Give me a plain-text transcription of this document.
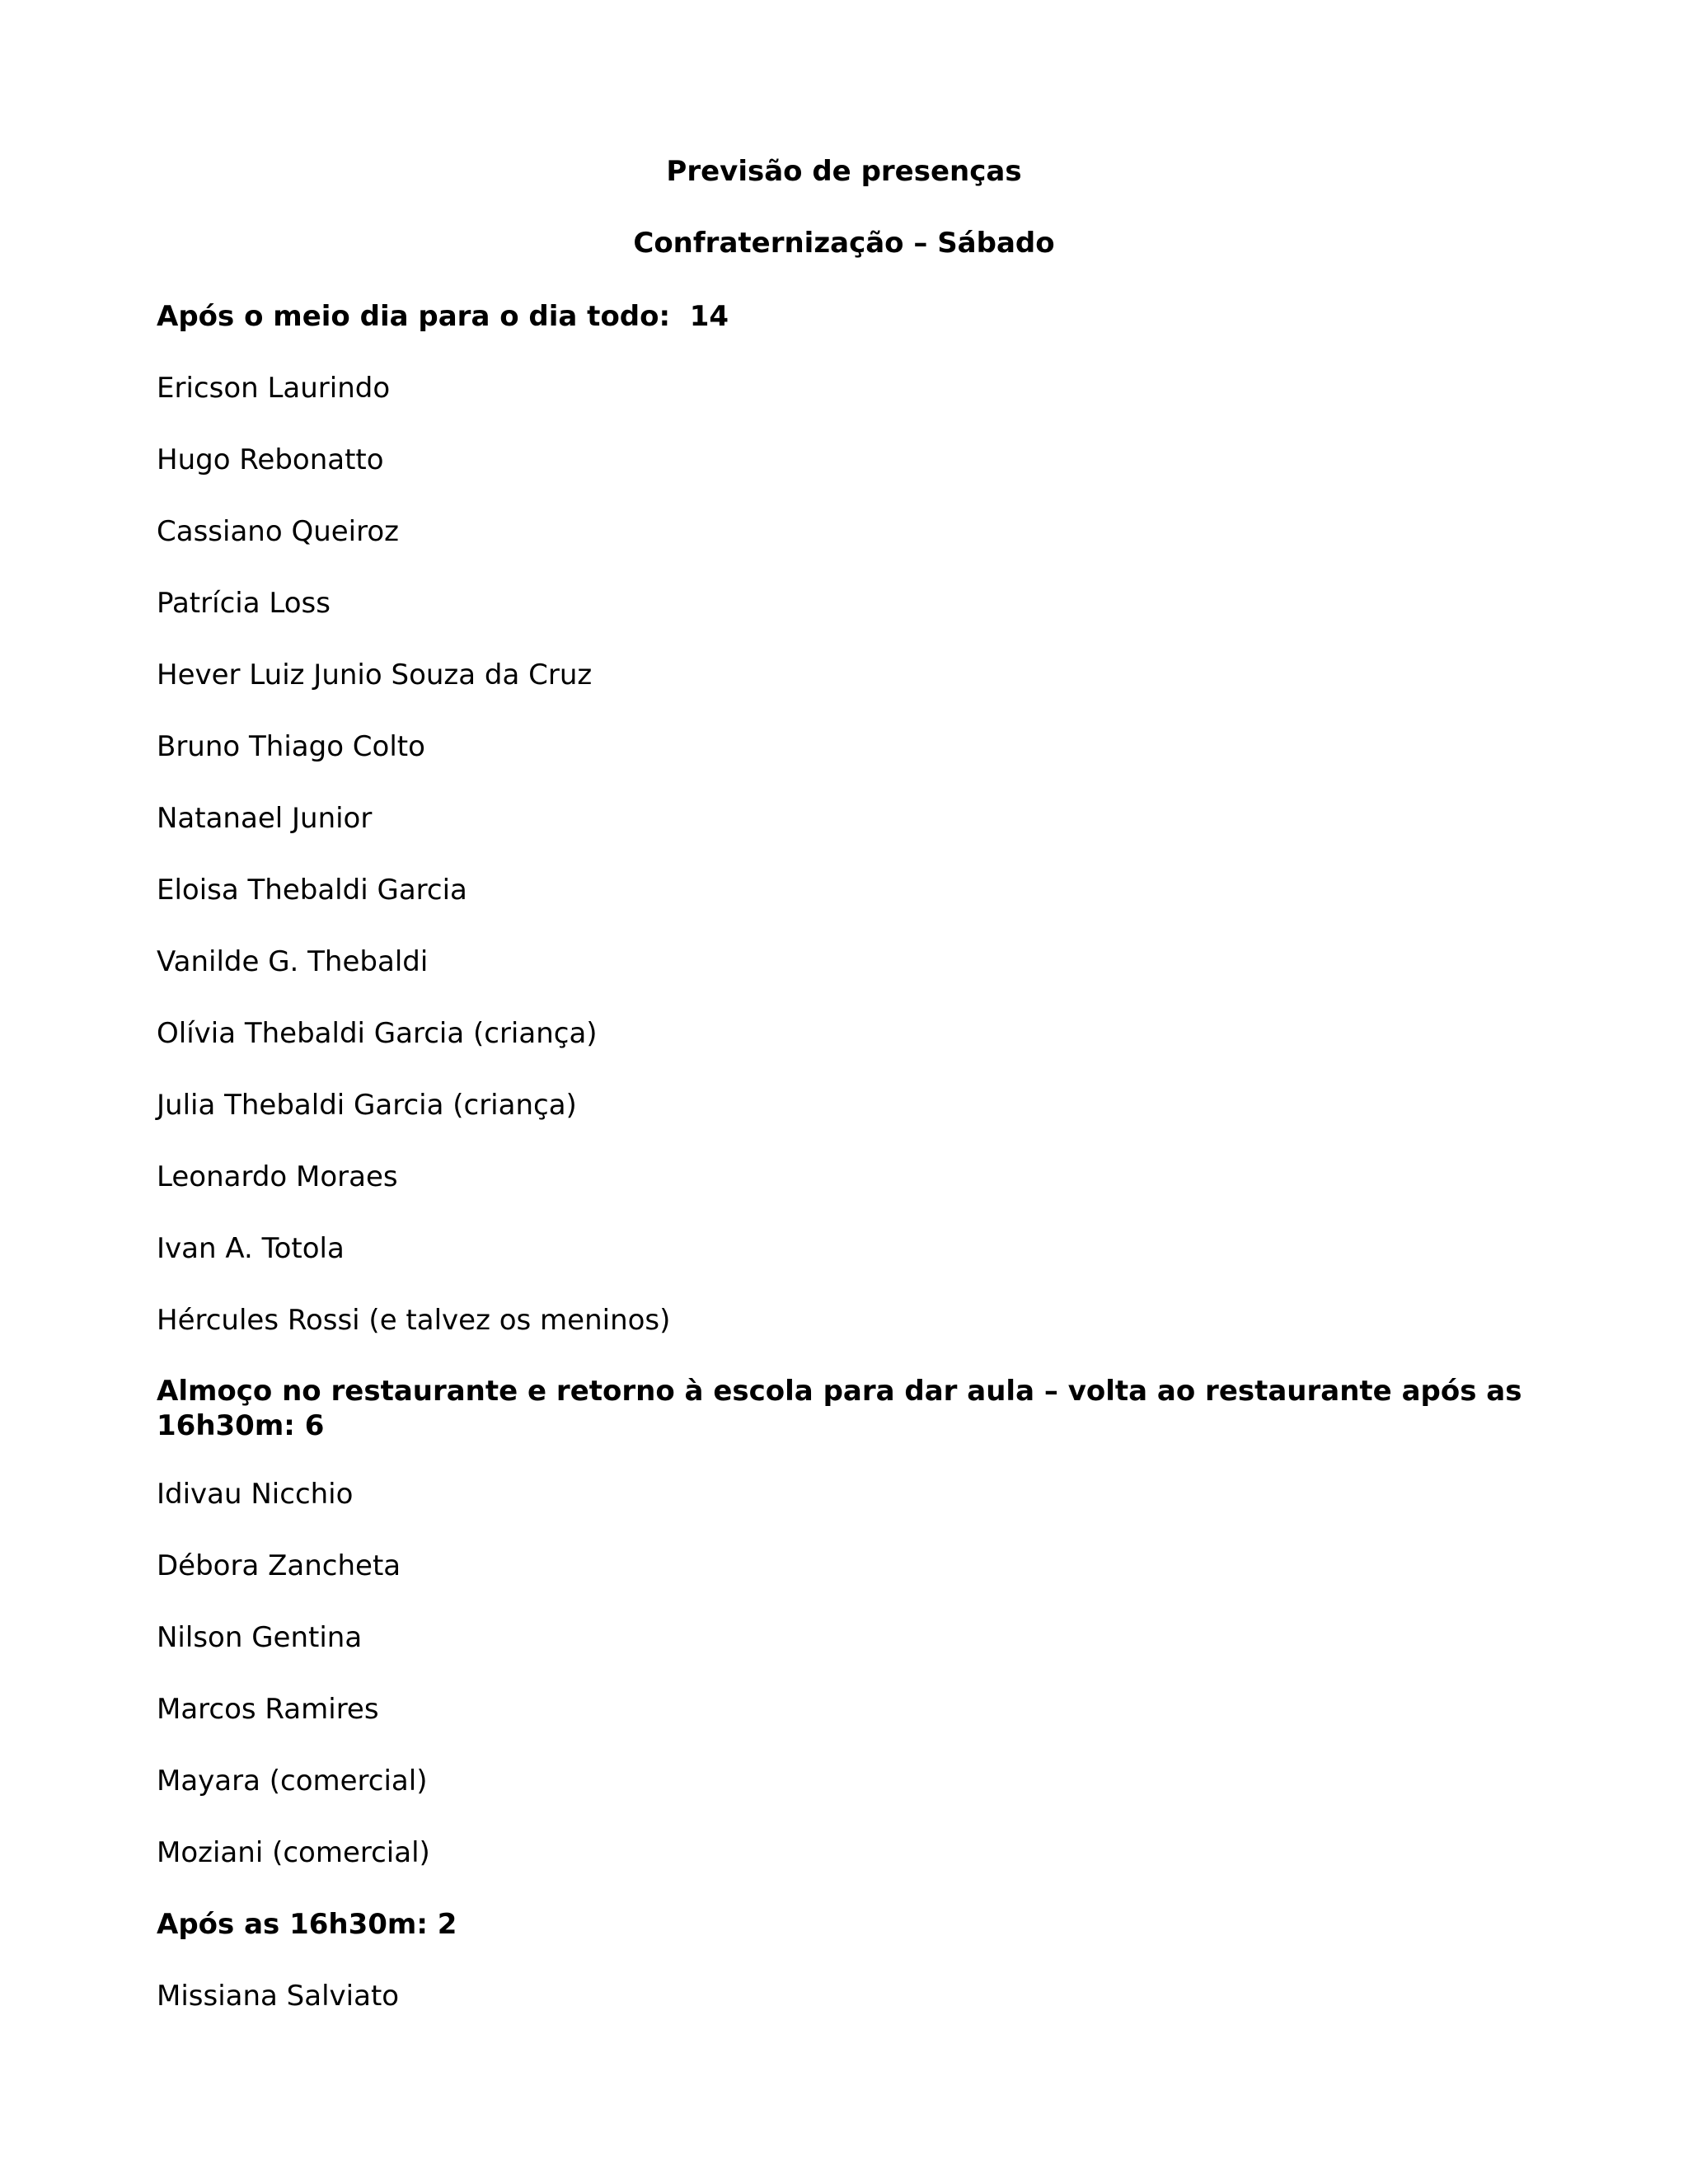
Previsão de presenças
Confraternização – Sábado

Após o meio dia para o dia todo:  14

Ericson Laurindo
Hugo Rebonatto
Cassiano Queiroz
Patrícia Loss
Hever Luiz Junio Souza da Cruz
Bruno Thiago Colto
Natanael Junior
Eloisa Thebaldi Garcia
Vanilde G. Thebaldi
Olívia Thebaldi Garcia (criança)
Julia Thebaldi Garcia (criança)
Leonardo Moraes
Ivan A. Totola
Hércules Rossi (e talvez os meninos)

Almoço no restaurante e retorno à escola para dar aula – volta ao restaurante após as 16h30m: 6

Idivau Nicchio
Débora Zancheta
Nilson Gentina
Marcos Ramires
Mayara (comercial)
Moziani (comercial)

Após as 16h30m: 2

Missiana Salviato
